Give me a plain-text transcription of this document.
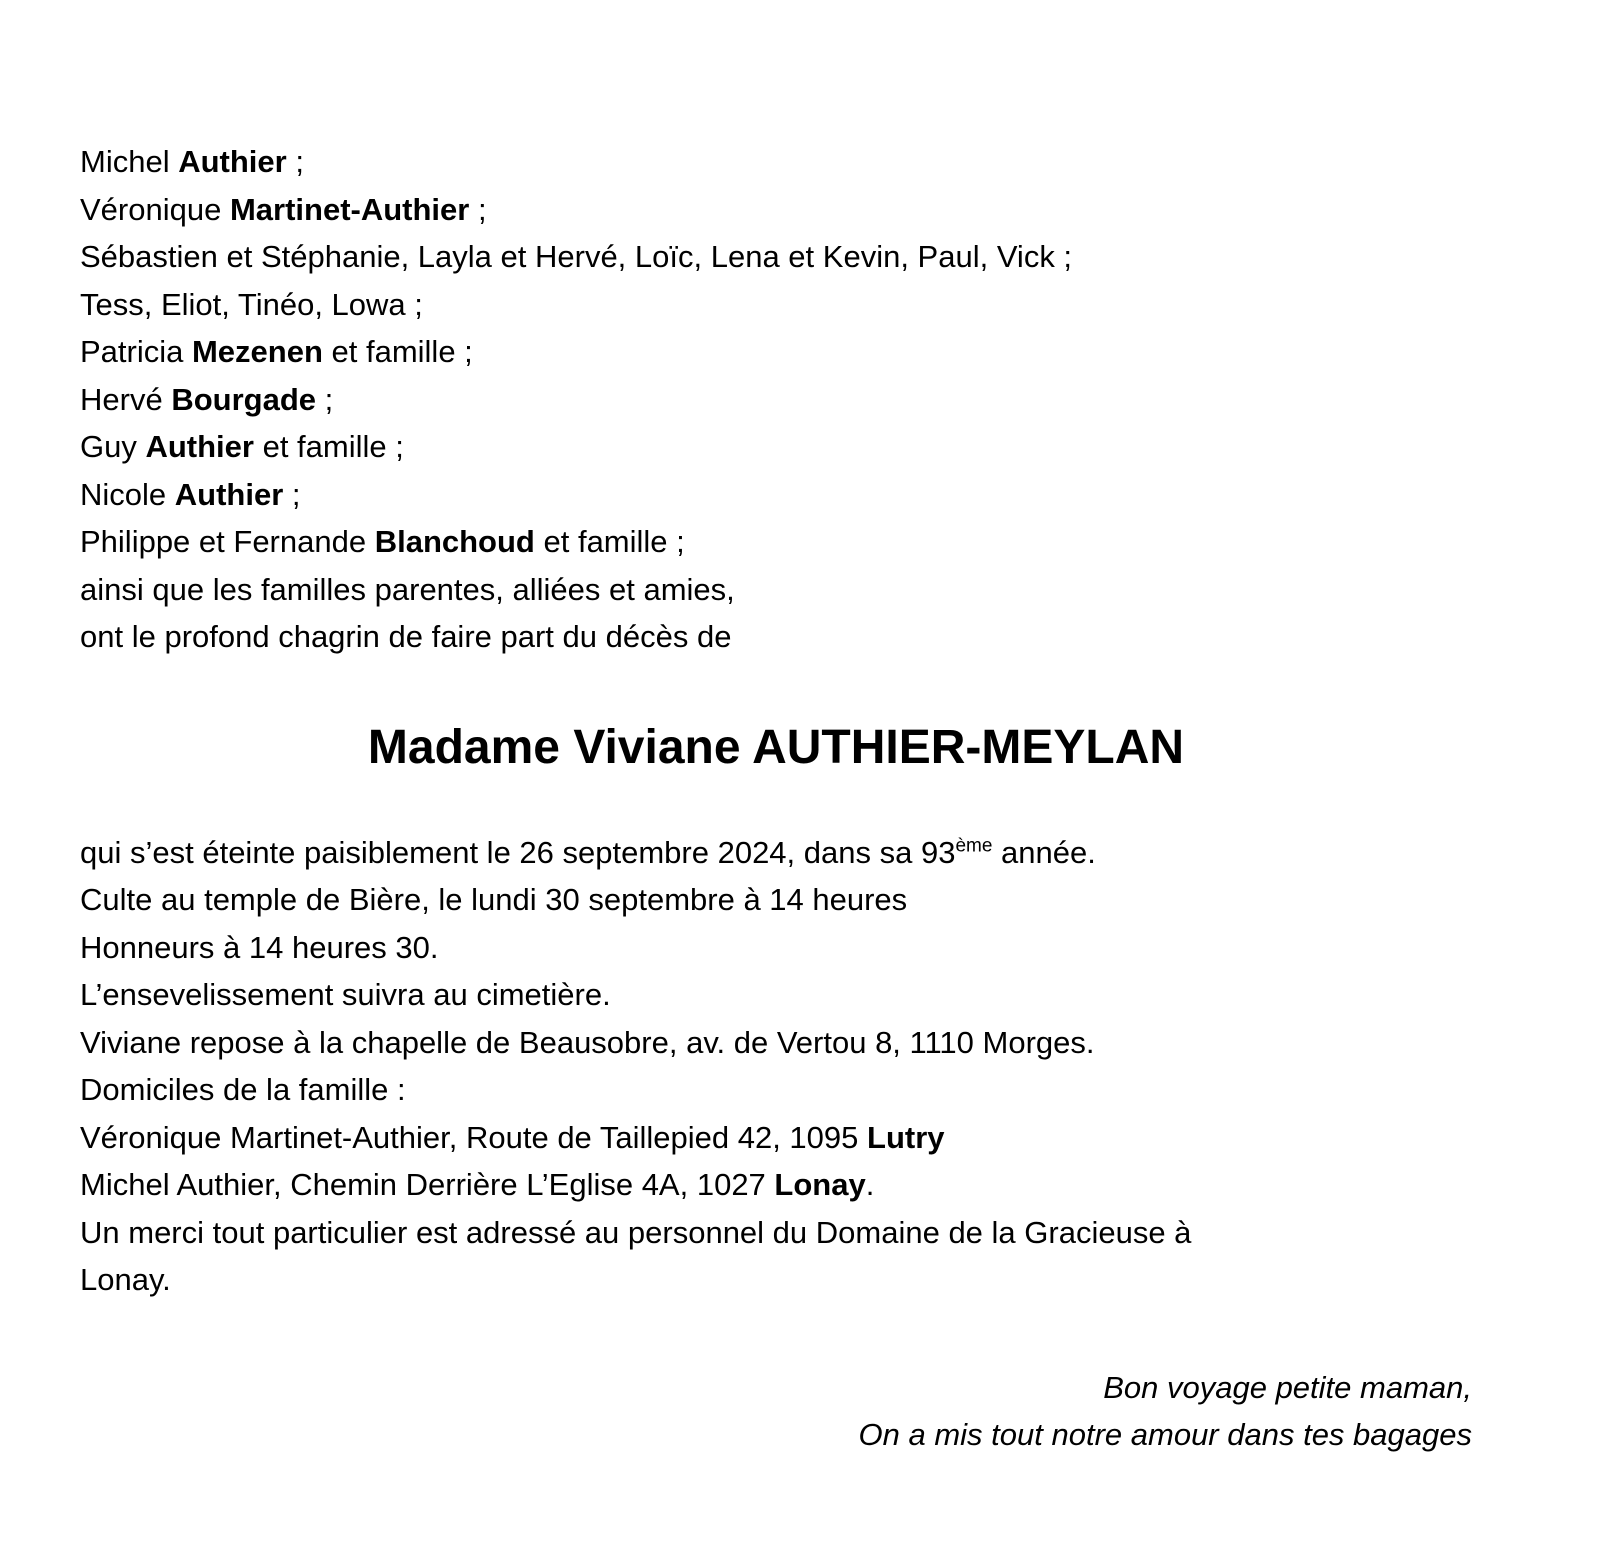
Michel Authier ;

Véronique Martinet-Authier ;

Sébastien et Stéphanie, Layla et Hervé, Loïc, Lena et Kevin, Paul, Vick ;

Tess, Eliot, Tinéo, Lowa ;

Patricia Mezenen et famille ;

Hervé Bourgade ;

Guy Authier et famille ;

Nicole Authier ;

Philippe et Fernande Blanchoud et famille ;

ainsi que les familles parentes, alliées et amies,

ont le profond chagrin de faire part du décès de

Madame Viviane AUTHIER-MEYLAN

qui s’est éteinte paisiblement le 26 septembre 2024, dans sa 93ème année.

Culte au temple de Bière, le lundi 30 septembre à 14 heures

Honneurs à 14 heures 30.

L’ensevelissement suivra au cimetière.

Viviane repose à la chapelle de Beausobre, av. de Vertou 8, 1110 Morges.

Domiciles de la famille :

Véronique Martinet-Authier, Route de Taillepied 42, 1095 Lutry

Michel Authier, Chemin Derrière L’Eglise 4A, 1027 Lonay.

Un merci tout particulier est adressé au personnel du Domaine de la Gracieuse à

Lonay.

Bon voyage petite maman,

On a mis tout notre amour dans tes bagages
